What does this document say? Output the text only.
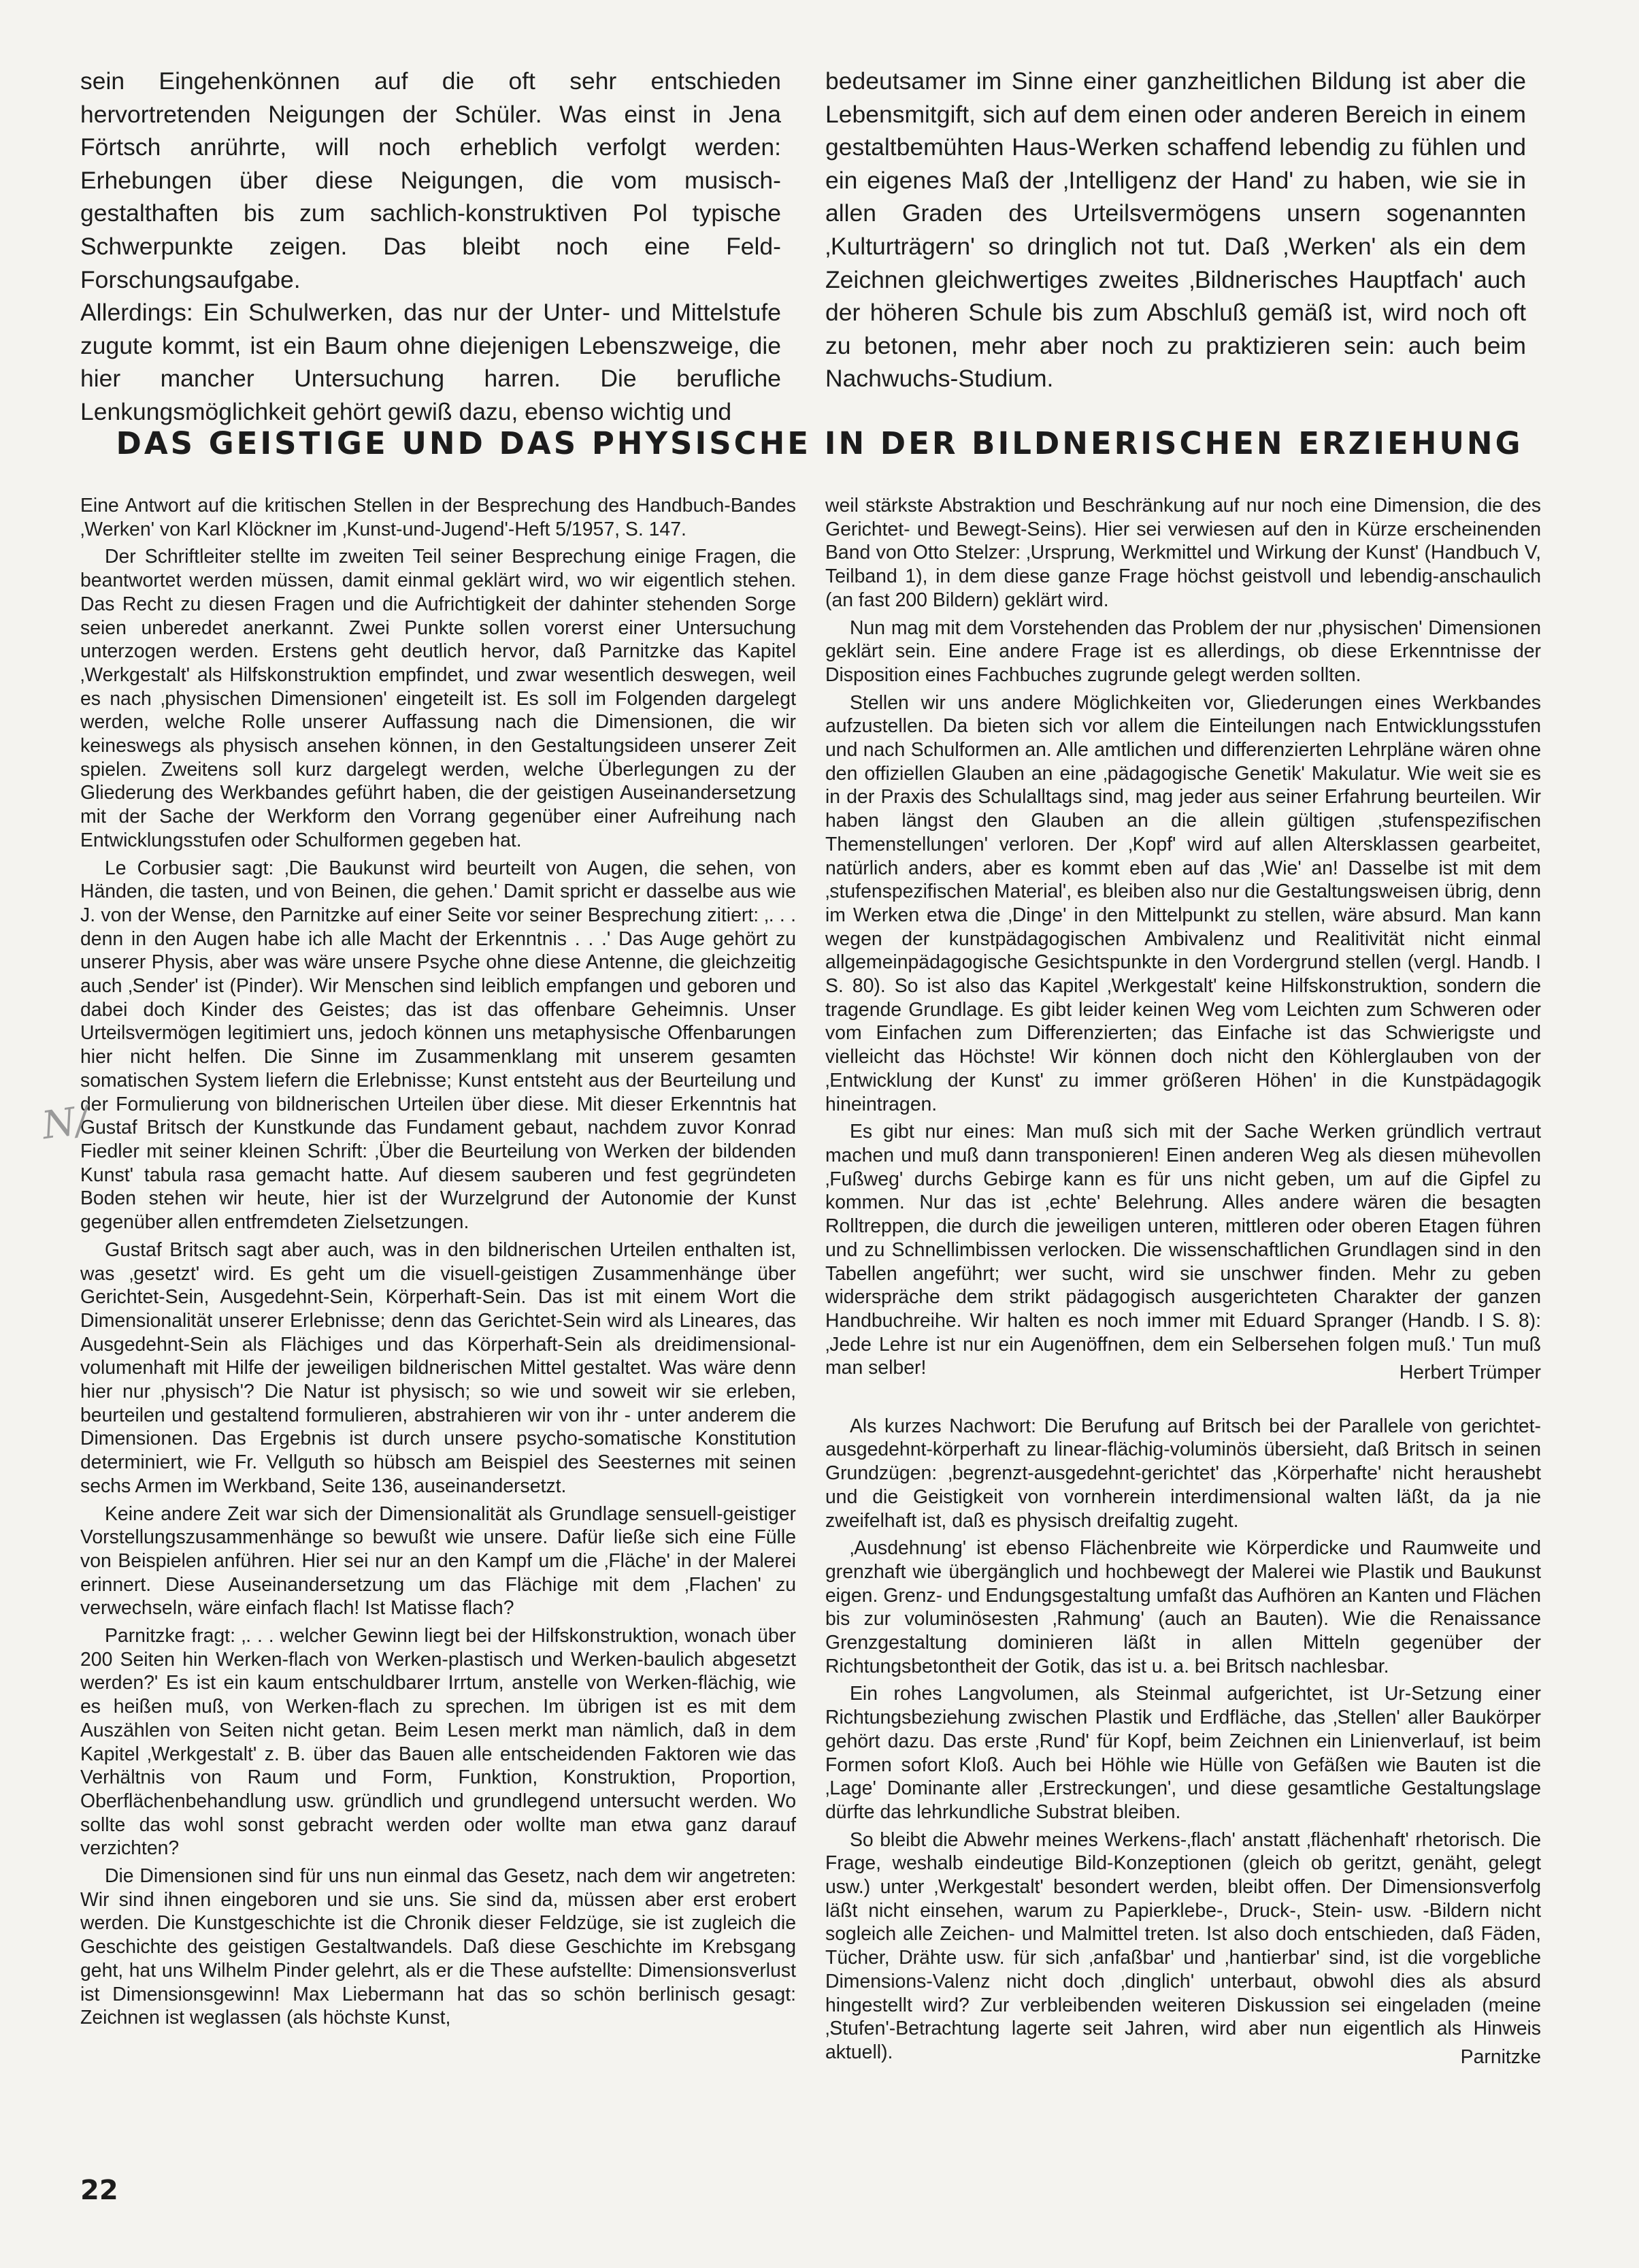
sein Eingehenkönnen auf die oft sehr entschieden hervortretenden Neigungen der Schüler. Was einst in Jena Förtsch anrührte, will noch erheblich verfolgt werden: Erhebungen über diese Neigungen, die vom musisch-gestalthaften bis zum sachlich-konstruktiven Pol typische Schwerpunkte zeigen. Das bleibt noch eine Feld-Forschungsaufgabe.

Allerdings: Ein Schulwerken, das nur der Unter- und Mittelstufe zugute kommt, ist ein Baum ohne diejenigen Lebenszweige, die hier mancher Untersuchung harren. Die berufliche Lenkungsmöglichkeit gehört gewiß dazu, ebenso wichtig und

bedeutsamer im Sinne einer ganzheitlichen Bildung ist aber die Lebensmitgift, sich auf dem einen oder anderen Bereich in einem gestaltbemühten Haus-Werken schaffend lebendig zu fühlen und ein eigenes Maß der ‚Intelligenz der Hand' zu haben, wie sie in allen Graden des Urteilsvermögens unsern sogenannten ‚Kulturträgern' so dringlich not tut. Daß ‚Werken' als ein dem Zeichnen gleichwertiges zweites ‚Bildnerisches Hauptfach' auch der höheren Schule bis zum Abschluß gemäß ist, wird noch oft zu betonen, mehr aber noch zu praktizieren sein: auch beim Nachwuchs-Studium.

DAS GEISTIGE UND DAS PHYSISCHE IN DER BILDNERISCHEN ERZIEHUNG

Eine Antwort auf die kritischen Stellen in der Besprechung des Handbuch-Bandes ‚Werken' von Karl Klöckner im ‚Kunst-und-Jugend'-Heft 5/1957, S. 147.

Der Schriftleiter stellte im zweiten Teil seiner Besprechung einige Fragen, die beantwortet werden müssen, damit einmal geklärt wird, wo wir eigentlich stehen. Das Recht zu diesen Fragen und die Aufrichtigkeit der dahinter stehenden Sorge seien unberedet anerkannt. Zwei Punkte sollen vorerst einer Untersuchung unterzogen werden. Erstens geht deutlich hervor, daß Parnitzke das Kapitel ‚Werkgestalt' als Hilfskonstruktion empfindet, und zwar wesentlich deswegen, weil es nach ‚physischen Dimensionen' eingeteilt ist. Es soll im Folgenden dargelegt werden, welche Rolle unserer Auffassung nach die Dimensionen, die wir keineswegs als physisch ansehen können, in den Gestaltungsideen unserer Zeit spielen. Zweitens soll kurz dargelegt werden, welche Überlegungen zu der Gliederung des Werkbandes geführt haben, die der geistigen Auseinandersetzung mit der Sache der Werkform den Vorrang gegenüber einer Aufreihung nach Entwicklungsstufen oder Schulformen gegeben hat.

Le Corbusier sagt: ‚Die Baukunst wird beurteilt von Augen, die sehen, von Händen, die tasten, und von Beinen, die gehen.' Damit spricht er dasselbe aus wie J. von der Wense, den Parnitzke auf einer Seite vor seiner Besprechung zitiert: ‚. . . denn in den Augen habe ich alle Macht der Erkenntnis . . .' Das Auge gehört zu unserer Physis, aber was wäre unsere Psyche ohne diese Antenne, die gleichzeitig auch ‚Sender' ist (Pinder). Wir Menschen sind leiblich empfangen und geboren und dabei doch Kinder des Geistes; das ist das offenbare Geheimnis. Unser Urteilsvermögen legitimiert uns, jedoch können uns metaphysische Offenbarungen hier nicht helfen. Die Sinne im Zusammenklang mit unserem gesamten somatischen System liefern die Erlebnisse; Kunst entsteht aus der Beurteilung und der Formulierung von bildnerischen Urteilen über diese. Mit dieser Erkenntnis hat Gustaf Britsch der Kunstkunde das Fundament gebaut, nachdem zuvor Konrad Fiedler mit seiner kleinen Schrift: ‚Über die Beurteilung von Werken der bildenden Kunst' tabula rasa gemacht hatte. Auf diesem sauberen und fest gegründeten Boden stehen wir heute, hier ist der Wurzelgrund der Autonomie der Kunst gegenüber allen entfremdeten Zielsetzungen.

Gustaf Britsch sagt aber auch, was in den bildnerischen Urteilen enthalten ist, was ‚gesetzt' wird. Es geht um die visuell-geistigen Zusammenhänge über Gerichtet-Sein, Ausgedehnt-Sein, Körperhaft-Sein. Das ist mit einem Wort die Dimensionalität unserer Erlebnisse; denn das Gerichtet-Sein wird als Lineares, das Ausgedehnt-Sein als Flächiges und das Körperhaft-Sein als dreidimensional-volumenhaft mit Hilfe der jeweiligen bildnerischen Mittel gestaltet. Was wäre denn hier nur ‚physisch'? Die Natur ist physisch; so wie und soweit wir sie erleben, beurteilen und gestaltend formulieren, abstrahieren wir von ihr - unter anderem die Dimensionen. Das Ergebnis ist durch unsere psycho-somatische Konstitution determiniert, wie Fr. Vellguth so hübsch am Beispiel des Seesternes mit seinen sechs Armen im Werkband, Seite 136, auseinandersetzt.

Keine andere Zeit war sich der Dimensionalität als Grundlage sensuell-geistiger Vorstellungszusammenhänge so bewußt wie unsere. Dafür ließe sich eine Fülle von Beispielen anführen. Hier sei nur an den Kampf um die ‚Fläche' in der Malerei erinnert. Diese Auseinandersetzung um das Flächige mit dem ‚Flachen' zu verwechseln, wäre einfach flach! Ist Matisse flach?

Parnitzke fragt: ‚. . . welcher Gewinn liegt bei der Hilfskonstruktion, wonach über 200 Seiten hin Werken-flach von Werken-plastisch und Werken-baulich abgesetzt werden?' Es ist ein kaum entschuldbarer Irrtum, anstelle von Werken-flächig, wie es heißen muß, von Werken-flach zu sprechen. Im übrigen ist es mit dem Auszählen von Seiten nicht getan. Beim Lesen merkt man nämlich, daß in dem Kapitel ‚Werkgestalt' z. B. über das Bauen alle entscheidenden Faktoren wie das Verhältnis von Raum und Form, Funktion, Konstruktion, Proportion, Oberflächenbehandlung usw. gründlich und grundlegend untersucht werden. Wo sollte das wohl sonst gebracht werden oder wollte man etwa ganz darauf verzichten?

Die Dimensionen sind für uns nun einmal das Gesetz, nach dem wir angetreten: Wir sind ihnen eingeboren und sie uns. Sie sind da, müssen aber erst erobert werden. Die Kunstgeschichte ist die Chronik dieser Feldzüge, sie ist zugleich die Geschichte des geistigen Gestaltwandels. Daß diese Geschichte im Krebsgang geht, hat uns Wilhelm Pinder gelehrt, als er die These aufstellte: Dimensionsverlust ist Dimensionsgewinn! Max Liebermann hat das so schön berlinisch gesagt: Zeichnen ist weglassen (als höchste Kunst,

weil stärkste Abstraktion und Beschränkung auf nur noch eine Dimension, die des Gerichtet- und Bewegt-Seins). Hier sei verwiesen auf den in Kürze erscheinenden Band von Otto Stelzer: ‚Ursprung, Werkmittel und Wirkung der Kunst' (Handbuch V, Teilband 1), in dem diese ganze Frage höchst geistvoll und lebendig-anschaulich (an fast 200 Bildern) geklärt wird.

Nun mag mit dem Vorstehenden das Problem der nur ‚physischen' Dimensionen geklärt sein. Eine andere Frage ist es allerdings, ob diese Erkenntnisse der Disposition eines Fachbuches zugrunde gelegt werden sollten.

Stellen wir uns andere Möglichkeiten vor, Gliederungen eines Werkbandes aufzustellen. Da bieten sich vor allem die Einteilungen nach Entwicklungsstufen und nach Schulformen an. Alle amtlichen und differenzierten Lehrpläne wären ohne den offiziellen Glauben an eine ‚pädagogische Genetik' Makulatur. Wie weit sie es in der Praxis des Schulalltags sind, mag jeder aus seiner Erfahrung beurteilen. Wir haben längst den Glauben an die allein gültigen ‚stufenspezifischen Themenstellungen' verloren. Der ‚Kopf' wird auf allen Altersklassen gearbeitet, natürlich anders, aber es kommt eben auf das ‚Wie' an! Dasselbe ist mit dem ‚stufenspezifischen Material', es bleiben also nur die Gestaltungsweisen übrig, denn im Werken etwa die ‚Dinge' in den Mittelpunkt zu stellen, wäre absurd. Man kann wegen der kunstpädagogischen Ambivalenz und Realitivität nicht einmal allgemeinpädagogische Gesichtspunkte in den Vordergrund stellen (vergl. Handb. I S. 80). So ist also das Kapitel ‚Werkgestalt' keine Hilfskonstruktion, sondern die tragende Grundlage. Es gibt leider keinen Weg vom Leichten zum Schweren oder vom Einfachen zum Differenzierten; das Einfache ist das Schwierigste und vielleicht das Höchste! Wir können doch nicht den Köhlerglauben von der ‚Entwicklung der Kunst' zu immer größeren Höhen' in die Kunstpädagogik hineintragen.

Es gibt nur eines: Man muß sich mit der Sache Werken gründlich vertraut machen und muß dann transponieren! Einen anderen Weg als diesen mühevollen ‚Fußweg' durchs Gebirge kann es für uns nicht geben, um auf die Gipfel zu kommen. Nur das ist ‚echte' Belehrung. Alles andere wären die besagten Rolltreppen, die durch die jeweiligen unteren, mittleren oder oberen Etagen führen und zu Schnellimbissen verlocken. Die wissenschaftlichen Grundlagen sind in den Tabellen angeführt; wer sucht, wird sie unschwer finden. Mehr zu geben widerspräche dem strikt pädagogisch ausgerichteten Charakter der ganzen Handbuchreihe. Wir halten es noch immer mit Eduard Spranger (Handb. I S. 8): ‚Jede Lehre ist nur ein Augenöffnen, dem ein Selbersehen folgen muß.' Tun muß man selber!	Herbert Trümper

Als kurzes Nachwort: Die Berufung auf Britsch bei der Parallele von gerichtet-ausgedehnt-körperhaft zu linear-flächig-voluminös übersieht, daß Britsch in seinen Grundzügen: ‚begrenzt-ausgedehnt-gerichtet' das ‚Körperhafte' nicht heraushebt und die Geistigkeit von vornherein interdimensional walten läßt, da ja nie zweifelhaft ist, daß es physisch dreifaltig zugeht.

‚Ausdehnung' ist ebenso Flächenbreite wie Körperdicke und Raumweite und grenzhaft wie übergänglich und hochbewegt der Malerei wie Plastik und Baukunst eigen. Grenz- und Endungsgestaltung umfaßt das Aufhören an Kanten und Flächen bis zur voluminösesten ‚Rahmung' (auch an Bauten). Wie die Renaissance Grenzgestaltung dominieren läßt in allen Mitteln gegenüber der Richtungsbetontheit der Gotik, das ist u. a. bei Britsch nachlesbar.

Ein rohes Langvolumen, als Steinmal aufgerichtet, ist Ur-Setzung einer Richtungsbeziehung zwischen Plastik und Erdfläche, das ‚Stellen' aller Baukörper gehört dazu. Das erste ‚Rund' für Kopf, beim Zeichnen ein Linienverlauf, ist beim Formen sofort Kloß. Auch bei Höhle wie Hülle von Gefäßen wie Bauten ist die ‚Lage' Dominante aller ‚Erstreckungen', und diese gesamtliche Gestaltungslage dürfte das lehrkundliche Substrat bleiben.

So bleibt die Abwehr meines Werkens-‚flach' anstatt ‚flächenhaft' rhetorisch. Die Frage, weshalb eindeutige Bild-Konzeptionen (gleich ob geritzt, genäht, gelegt usw.) unter ‚Werkgestalt' besondert werden, bleibt offen. Der Dimensionsverfolg läßt nicht einsehen, warum zu Papierklebe-, Druck-, Stein- usw. -Bildern nicht sogleich alle Zeichen- und Malmittel treten. Ist also doch entschieden, daß Fäden, Tücher, Drähte usw. für sich ‚anfaßbar' und ‚hantierbar' sind, ist die vorgebliche Dimensions-Valenz nicht doch ‚dinglich' unterbaut, obwohl dies als absurd hingestellt wird? Zur verbleibenden weiteren Diskussion sei eingeladen (meine ‚Stufen'-Betrachtung lagerte seit Jahren, wird aber nun eigentlich als Hinweis aktuell).	Parnitzke
N/
22
